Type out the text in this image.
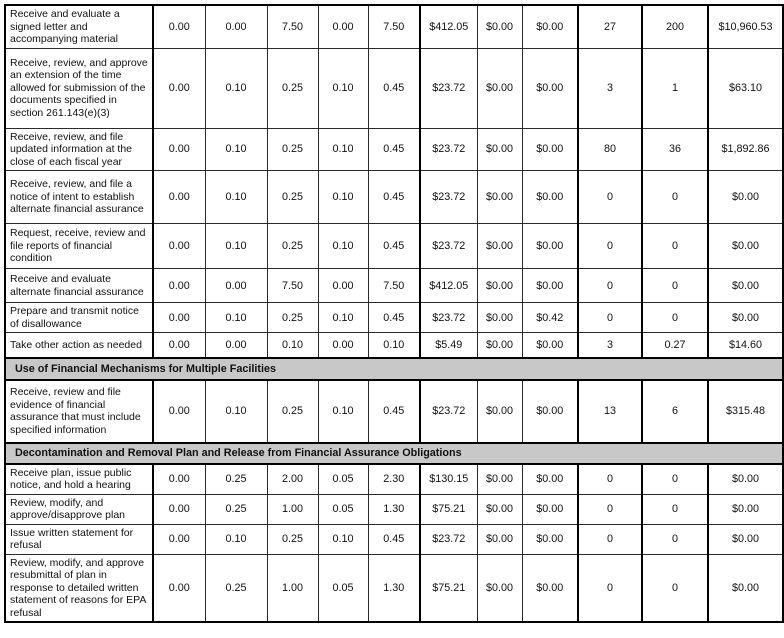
Receive and evaluate a signed letter and accompanying material	0.00	0.00	7.50	0.00	7.50	$412.05	$0.00	$0.00	27	200	$10,960.53
Receive, review, and approve an extension of the time allowed for submission of the documents specified in section 261.143(e)(3)	0.00	0.10	0.25	0.10	0.45	$23.72	$0.00	$0.00	3	1	$63.10
Receive, review, and file updated information at the close of each fiscal year	0.00	0.10	0.25	0.10	0.45	$23.72	$0.00	$0.00	80	36	$1,892.86
Receive, review, and file a notice of intent to establish alternate financial assurance	0.00	0.10	0.25	0.10	0.45	$23.72	$0.00	$0.00	0	0	$0.00
Request, receive, review and file reports of financial condition	0.00	0.10	0.25	0.10	0.45	$23.72	$0.00	$0.00	0	0	$0.00
Receive and evaluate alternate financial assurance	0.00	0.00	7.50	0.00	7.50	$412.05	$0.00	$0.00	0	0	$0.00
Prepare and transmit notice of disallowance	0.00	0.10	0.25	0.10	0.45	$23.72	$0.00	$0.42	0	0	$0.00
Take other action as needed	0.00	0.00	0.10	0.00	0.10	$5.49	$0.00	$0.00	3	0.27	$14.60
Use of Financial Mechanisms for Multiple Facilities											
Receive, review and file evidence of financial assurance that must include specified information	0.00	0.10	0.25	0.10	0.45	$23.72	$0.00	$0.00	13	6	$315.48
Decontamination and Removal Plan and Release from Financial Assurance Obligations											
Receive plan, issue public notice, and hold a hearing	0.00	0.25	2.00	0.05	2.30	$130.15	$0.00	$0.00	0	0	$0.00
Review, modify, and approve/disapprove plan	0.00	0.25	1.00	0.05	1.30	$75.21	$0.00	$0.00	0	0	$0.00
Issue written statement for refusal	0.00	0.10	0.25	0.10	0.45	$23.72	$0.00	$0.00	0	0	$0.00
Review, modify, and approve resubmittal of plan in response to detailed written statement of reasons for EPA refusal	0.00	0.25	1.00	0.05	1.30	$75.21	$0.00	$0.00	0	0	$0.00
